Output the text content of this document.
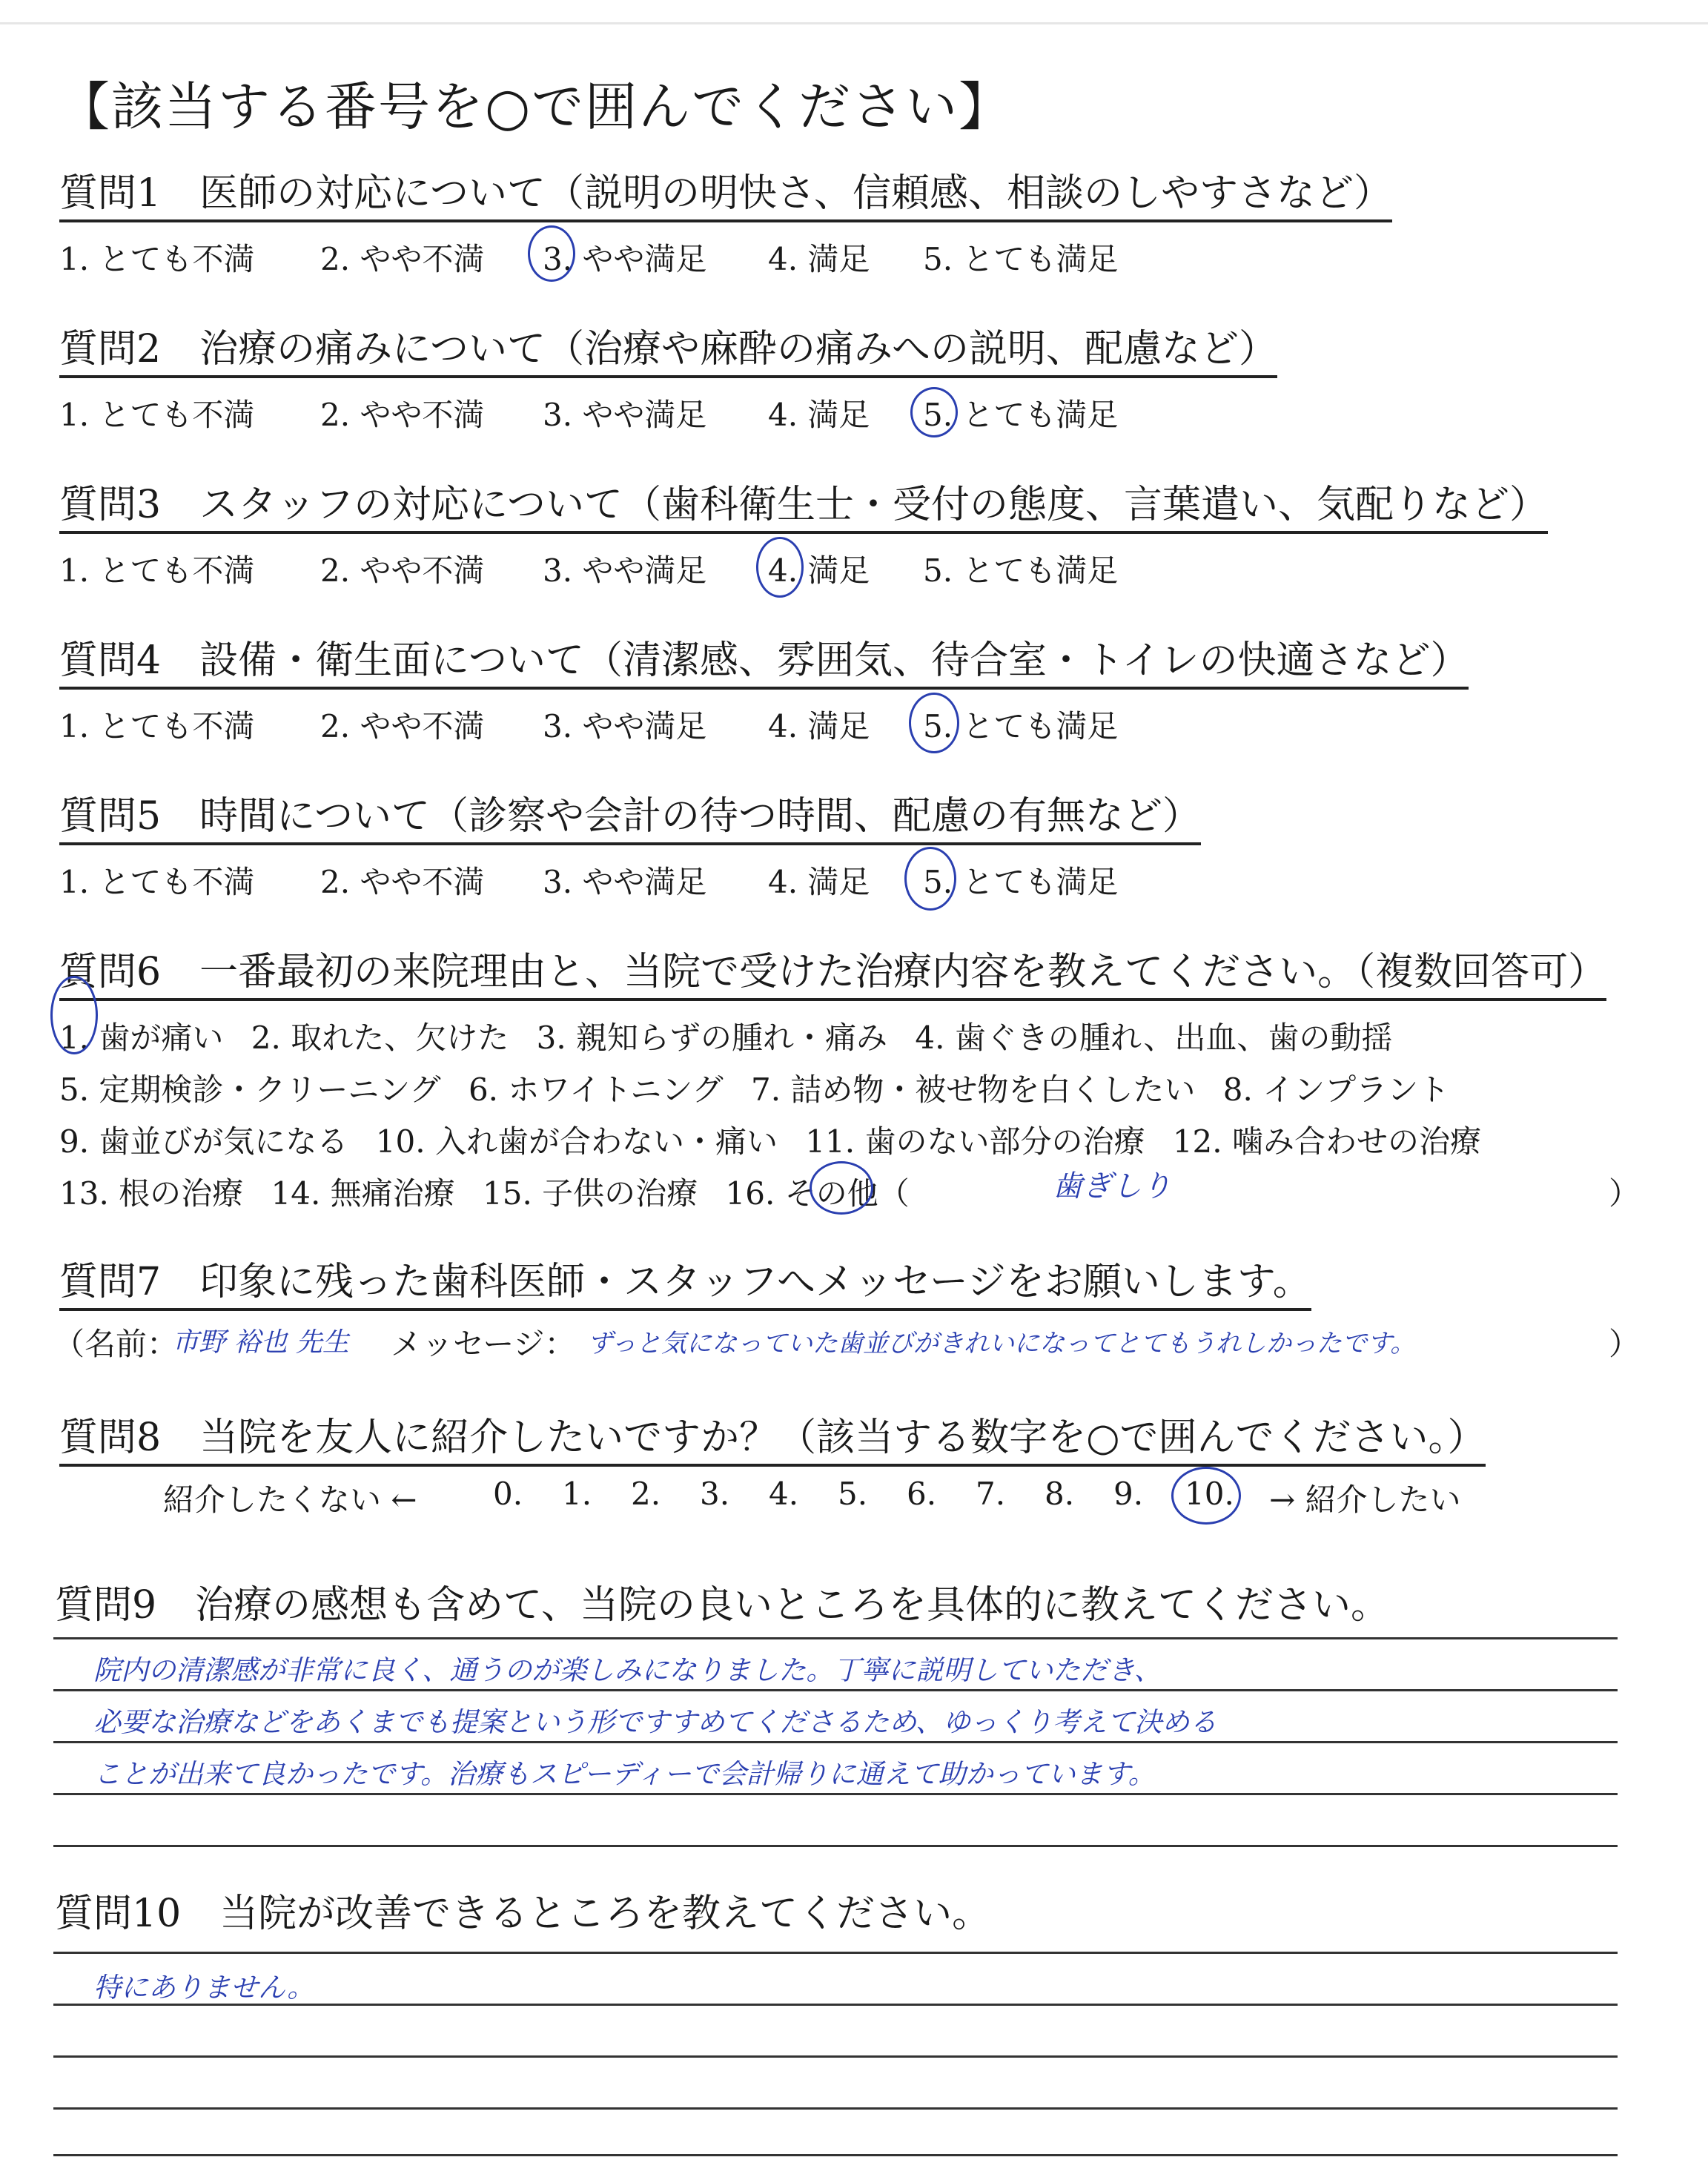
【該当する番号を○で囲んでください】
質問1　医師の対応について（説明の明快さ、信頼感、相談のしやすさなど）
1. とても不満 2. やや不満 3. やや満足 4. 満足 5. とても満足
質問2　治療の痛みについて（治療や麻酔の痛みへの説明、配慮など）
1. とても不満 2. やや不満 3. やや満足 4. 満足 5. とても満足
質問3　スタッフの対応について（歯科衛生士・受付の態度、言葉遣い、気配りなど）
1. とても不満 2. やや不満 3. やや満足 4. 満足 5. とても満足
質問4　設備・衛生面について（清潔感、雰囲気、待合室・トイレの快適さなど）
1. とても不満 2. やや不満 3. やや満足 4. 満足 5. とても満足
質問5　時間について（診察や会計の待つ時間、配慮の有無など）
1. とても不満 2. やや不満 3. やや満足 4. 満足 5. とても満足
質問6　一番最初の来院理由と、当院で受けた治療内容を教えてください。（複数回答可）
1. 歯が痛い 2. 取れた、欠けた 3. 親知らずの腫れ・痛み 4. 歯ぐきの腫れ、出血、歯の動揺
5. 定期検診・クリーニング 6. ホワイトニング 7. 詰め物・被せ物を白くしたい 8. インプラント
9. 歯並びが気になる 10. 入れ歯が合わない・痛い 11. 歯のない部分の治療 12. 噛み合わせの治療
13. 根の治療 14. 無痛治療 15. 子供の治療 16. その他（	歯ぎしり	）
質問7　印象に残った歯科医師・スタッフへメッセージをお願いします。
（名前：
市野 裕也 先生 メッセージ： ずっと気になっていた歯並びがきれいになってとてもうれしかったです。	）
質問8　当院を友人に紹介したいですか？（該当する数字を○で囲んでください。）
紹介したくない ← 0. 1. 2. 3. 4. 5. 6. 7. 8. 9. 10. → 紹介したい
質問9　治療の感想も含めて、当院の良いところを具体的に教えてください。
院内の清潔感が非常に良く、通うのが楽しみになりました。丁寧に説明していただき、
必要な治療などをあくまでも提案という形ですすめてくださるため、ゆっくり考えて決める
ことが出来て良かったです。治療もスピーディーで会計帰りに通えて助かっています。
質問10　当院が改善できるところを教えてください。
特にありません。
